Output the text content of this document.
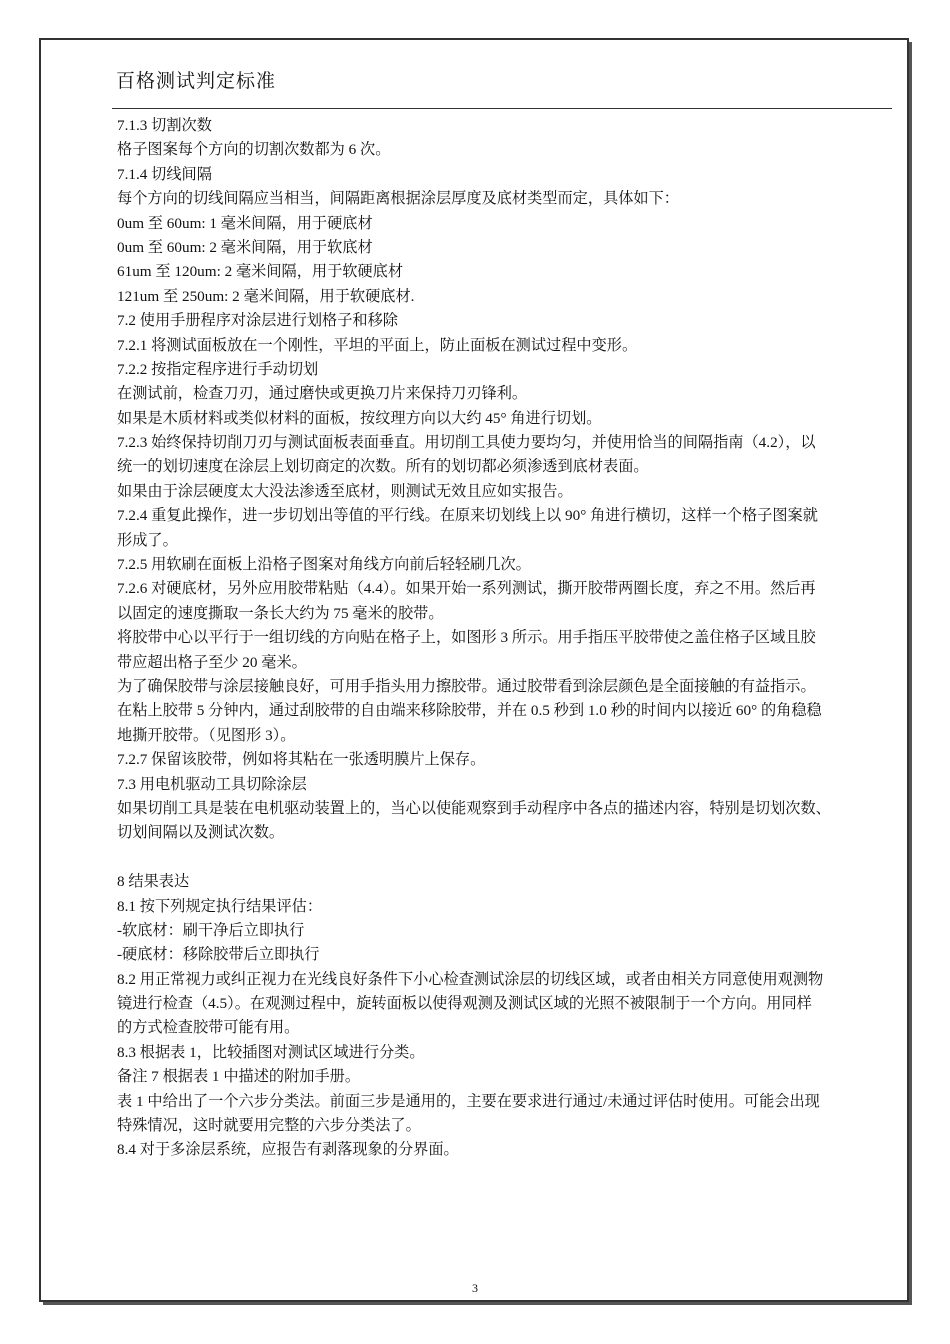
百格测试判定标准
7.1.3 切割次数
格子图案每个方向的切割次数都为 6 次。
7.1.4 切线间隔
每个方向的切线间隔应当相当，间隔距离根据涂层厚度及底材类型而定，具体如下：
0um 至 60um: 1 毫米间隔，用于硬底材
0um 至 60um: 2 毫米间隔，用于软底材
61um 至 120um: 2 毫米间隔，用于软硬底材
121um 至 250um: 2 毫米间隔，用于软硬底材.
7.2 使用手册程序对涂层进行划格子和移除
7.2.1 将测试面板放在一个刚性，平坦的平面上，防止面板在测试过程中变形。
7.2.2 按指定程序进行手动切划
在测试前，检查刀刃，通过磨快或更换刀片来保持刀刃锋利。
如果是木质材料或类似材料的面板，按纹理方向以大约 45° 角进行切划。
7.2.3 始终保持切削刀刃与测试面板表面垂直。用切削工具使力要均匀，并使用恰当的间隔指南（4.2），以
统一的划切速度在涂层上划切商定的次数。所有的划切都必须渗透到底材表面。
如果由于涂层硬度太大没法渗透至底材，则测试无效且应如实报告。
7.2.4 重复此操作，进一步切划出等值的平行线。在原来切划线上以 90° 角进行横切，这样一个格子图案就
形成了。
7.2.5 用软刷在面板上沿格子图案对角线方向前后轻轻刷几次。
7.2.6 对硬底材，另外应用胶带粘贴（4.4）。如果开始一系列测试，撕开胶带两圈长度，弃之不用。然后再
以固定的速度撕取一条长大约为 75 毫米的胶带。
将胶带中心以平行于一组切线的方向贴在格子上，如图形 3 所示。用手指压平胶带使之盖住格子区域且胶
带应超出格子至少 20 毫米。
为了确保胶带与涂层接触良好，可用手指头用力擦胶带。通过胶带看到涂层颜色是全面接触的有益指示。
在粘上胶带 5 分钟内，通过刮胶带的自由端来移除胶带，并在 0.5 秒到 1.0 秒的时间内以接近 60° 的角稳稳
地撕开胶带。（见图形 3）。
7.2.7 保留该胶带，例如将其粘在一张透明膜片上保存。
7.3 用电机驱动工具切除涂层
如果切削工具是装在电机驱动装置上的，当心以使能观察到手动程序中各点的描述内容，特别是切划次数、
切划间隔以及测试次数。
8 结果表达
8.1 按下列规定执行结果评估：
-软底材：刷干净后立即执行
-硬底材：移除胶带后立即执行
8.2 用正常视力或纠正视力在光线良好条件下小心检查测试涂层的切线区域，或者由相关方同意使用观测物
镜进行检查（4.5）。在观测过程中，旋转面板以使得观测及测试区域的光照不被限制于一个方向。用同样
的方式检查胶带可能有用。
8.3 根据表 1，比较插图对测试区域进行分类。
备注 7 根据表 1 中描述的附加手册。
表 1 中给出了一个六步分类法。前面三步是通用的，主要在要求进行通过/未通过评估时使用。可能会出现
特殊情况，这时就要用完整的六步分类法了。
8.4 对于多涂层系统，应报告有剥落现象的分界面。
3
